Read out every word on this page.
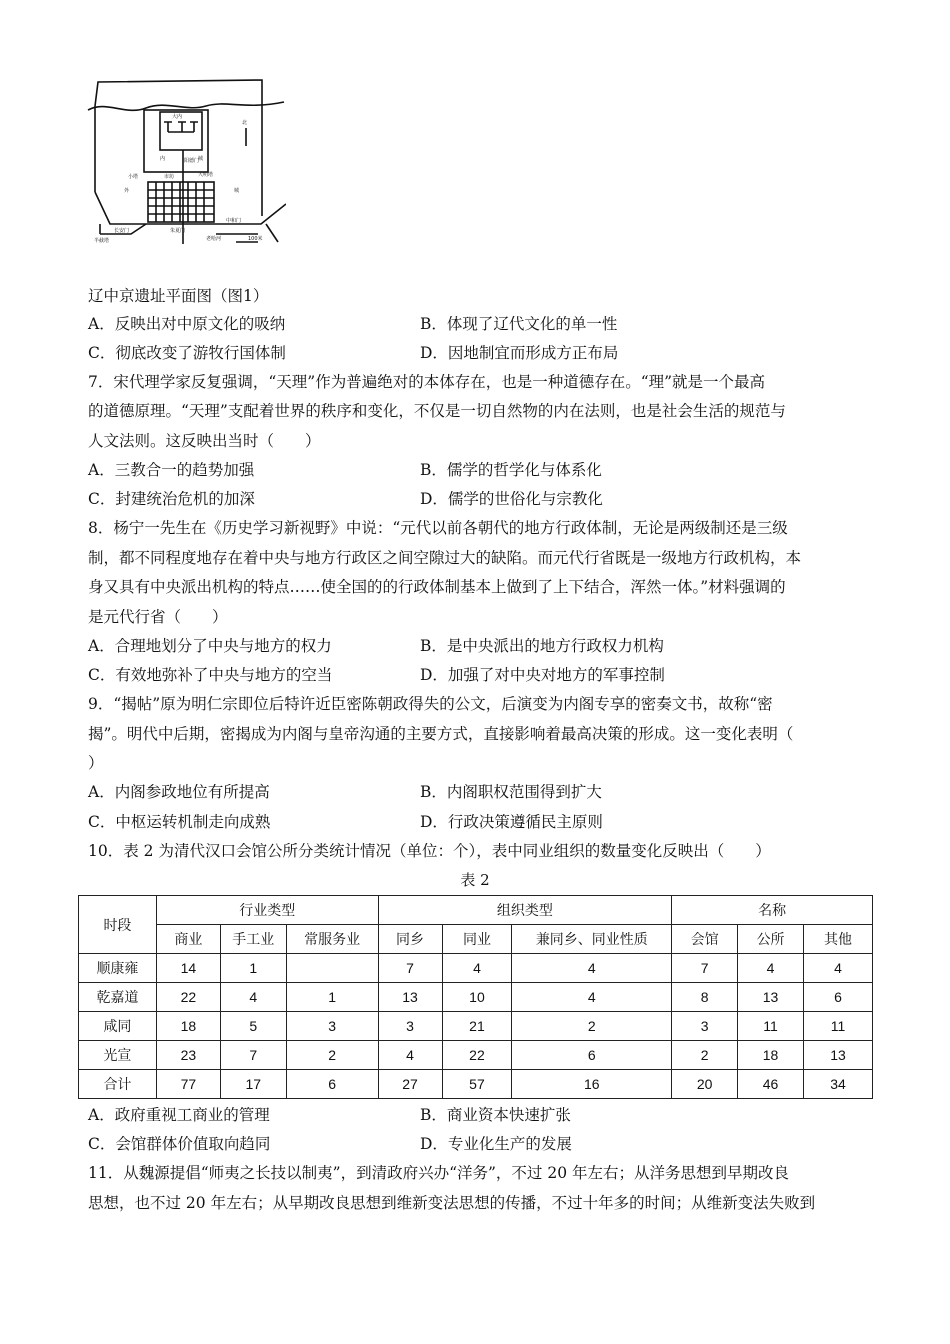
大内
内	城
外	城
北
阳德门
大明塔
小塔	市坊
长安门	朱夏门
中和门
老哈河
半截塔	100米
辽中京遗址平面图（图1）
A．反映出对中原文化的吸纳	B．体现了辽代文化的单一性
C．彻底改变了游牧行国体制	D．因地制宜而形成方正布局
7．宋代理学家反复强调，“天理”作为普遍绝对的本体存在，也是一种道德存在。“理”就是一个最高
的道德原理。“天理”支配着世界的秩序和变化，不仅是一切自然物的内在法则，也是社会生活的规范与
人文法则。这反映出当时（　　）
A．三教合一的趋势加强	B．儒学的哲学化与体系化
C．封建统治危机的加深	D．儒学的世俗化与宗教化
8．杨宁一先生在《历史学习新视野》中说：“元代以前各朝代的地方行政体制，无论是两级制还是三级
制，都不同程度地存在着中央与地方行政区之间空隙过大的缺陷。而元代行省既是一级地方行政机构，本
身又具有中央派出机构的特点……使全国的的行政体制基本上做到了上下结合，浑然一体。”材料强调的
是元代行省（　　）
A．合理地划分了中央与地方的权力	B．是中央派出的地方行政权力机构
C．有效地弥补了中央与地方的空当	D．加强了对中央对地方的军事控制
9．“揭帖”原为明仁宗即位后特许近臣密陈朝政得失的公文，后演变为内阁专享的密奏文书，故称“密
揭”。明代中后期，密揭成为内阁与皇帝沟通的主要方式，直接影响着最高决策的形成。这一变化表明（
）
A．内阁参政地位有所提高	B．内阁职权范围得到扩大
C．中枢运转机制走向成熟	D．行政决策遵循民主原则
10．表 2 为清代汉口会馆公所分类统计情况（单位：个），表中同业组织的数量变化反映出（　　）
表 2
时段	行业类型			组织类型			名称		
	商业	手工业	常服务业	同乡	同业	兼同乡、同业性质	会馆	公所	其他
顺康雍	14	1		7	4	4	7	4	4
乾嘉道	22	4	1	13	10	4	8	13	6
咸同	18	5	3	3	21	2	3	11	11
光宣	23	7	2	4	22	6	2	18	13
合计	77	17	6	27	57	16	20	46	34
A．政府重视工商业的管理	B．商业资本快速扩张
C．会馆群体价值取向趋同	D．专业化生产的发展
11．从魏源提倡“师夷之长技以制夷”，到清政府兴办“洋务”，不过 20 年左右；从洋务思想到早期改良
思想，也不过 20 年左右；从早期改良思想到维新变法思想的传播，不过十年多的时间；从维新变法失败到
